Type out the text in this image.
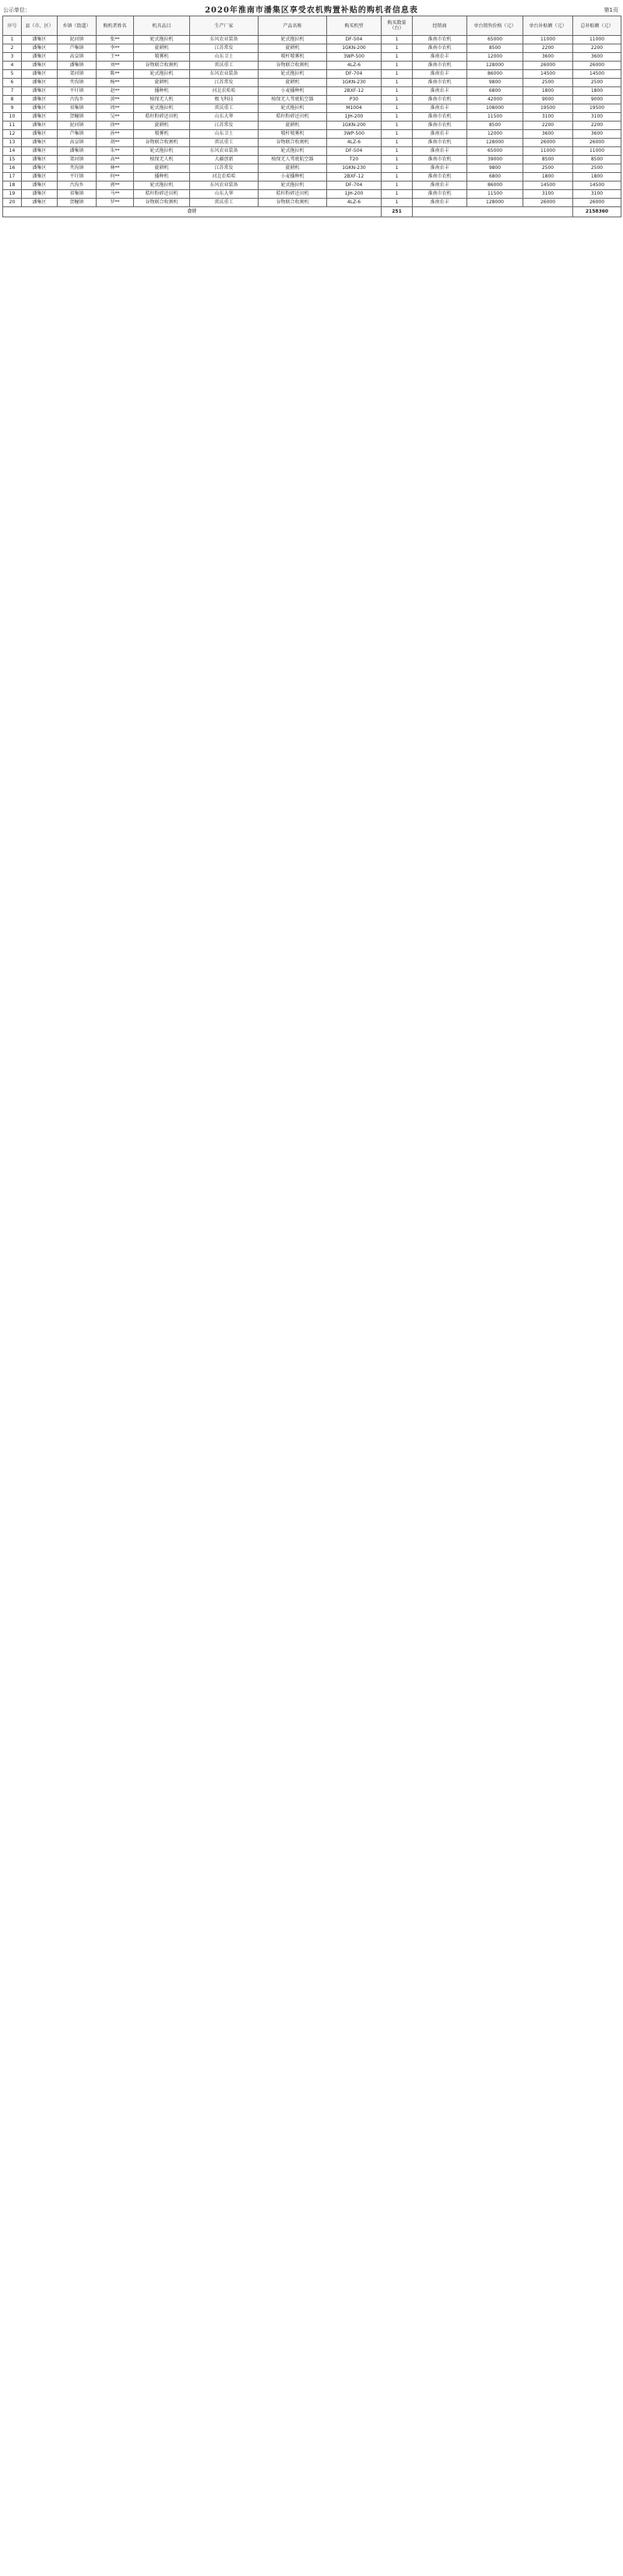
公示单位：	2020年淮南市潘集区享受农机购置补贴的购机者信息表	第1页
序号	县（市、区）	乡镇（街道）	购机者姓名	机具品目	生产厂家	产品名称	购买机型	购买数量（台）	经销商	单台销售价格（元）	单台补贴额（元）	总补贴额（元）
1	潘集区	泥河镇	张**	轮式拖拉机	东风农业装备	轮式拖拉机	DF-504	1	淮南市农机	65000	11000	11000
2	潘集区	芦集镇	李**	旋耕机	江苏常发	旋耕机	1GKN-200	1	淮南市农机	8500	2200	2200
3	潘集区	高皇镇	王**	喷雾机	山东卫士	喷杆喷雾机	3WP-500	1	淮南农丰	12000	3600	3600
4	潘集区	潘集镇	刘**	谷物联合收割机	雷沃重工	谷物联合收割机	4LZ-6	1	淮南市农机	128000	26000	26000
5	潘集区	架河镇	陈**	轮式拖拉机	东风农业装备	轮式拖拉机	DF-704	1	淮南农丰	86000	14500	14500
6	潘集区	夹沟镇	杨**	旋耕机	江苏常发	旋耕机	1GKN-230	1	淮南市农机	9800	2500	2500
7	潘集区	平圩镇	赵**	播种机	河北农哈哈	小麦播种机	2BXF-12	1	淮南农丰	6800	1800	1800
8	潘集区	古沟乡	黄**	植保无人机	极飞科技	植保无人驾驶航空器	P30	1	淮南市农机	42000	9000	9000
9	潘集区	祁集镇	周**	轮式拖拉机	雷沃重工	轮式拖拉机	M1004	1	淮南农丰	108000	19500	19500
10	潘集区	贺疃镇	吴**	秸秆粉碎还田机	山东大华	秸秆粉碎还田机	1JH-200	1	淮南市农机	11500	3100	3100
11	潘集区	泥河镇	徐**	旋耕机	江苏常发	旋耕机	1GKN-200	1	淮南市农机	8500	2200	2200
12	潘集区	芦集镇	孙**	喷雾机	山东卫士	喷杆喷雾机	3WP-500	1	淮南农丰	12000	3600	3600
13	潘集区	高皇镇	胡**	谷物联合收割机	雷沃重工	谷物联合收割机	4LZ-6	1	淮南市农机	128000	26000	26000
14	潘集区	潘集镇	朱**	轮式拖拉机	东风农业装备	轮式拖拉机	DF-504	1	淮南农丰	65000	11000	11000
15	潘集区	架河镇	高**	植保无人机	大疆创新	植保无人驾驶航空器	T20	1	淮南市农机	39000	8500	8500
16	潘集区	夹沟镇	林**	旋耕机	江苏常发	旋耕机	1GKN-230	1	淮南农丰	9800	2500	2500
17	潘集区	平圩镇	何**	播种机	河北农哈哈	小麦播种机	2BXF-12	1	淮南市农机	6800	1800	1800
18	潘集区	古沟乡	郭**	轮式拖拉机	东风农业装备	轮式拖拉机	DF-704	1	淮南农丰	86000	14500	14500
19	潘集区	祁集镇	马**	秸秆粉碎还田机	山东大华	秸秆粉碎还田机	1JH-200	1	淮南市农机	11500	3100	3100
20	潘集区	贺疃镇	罗**	谷物联合收割机	雷沃重工	谷物联合收割机	4LZ-6	1	淮南农丰	128000	26000	26000
合计								251				2158360
